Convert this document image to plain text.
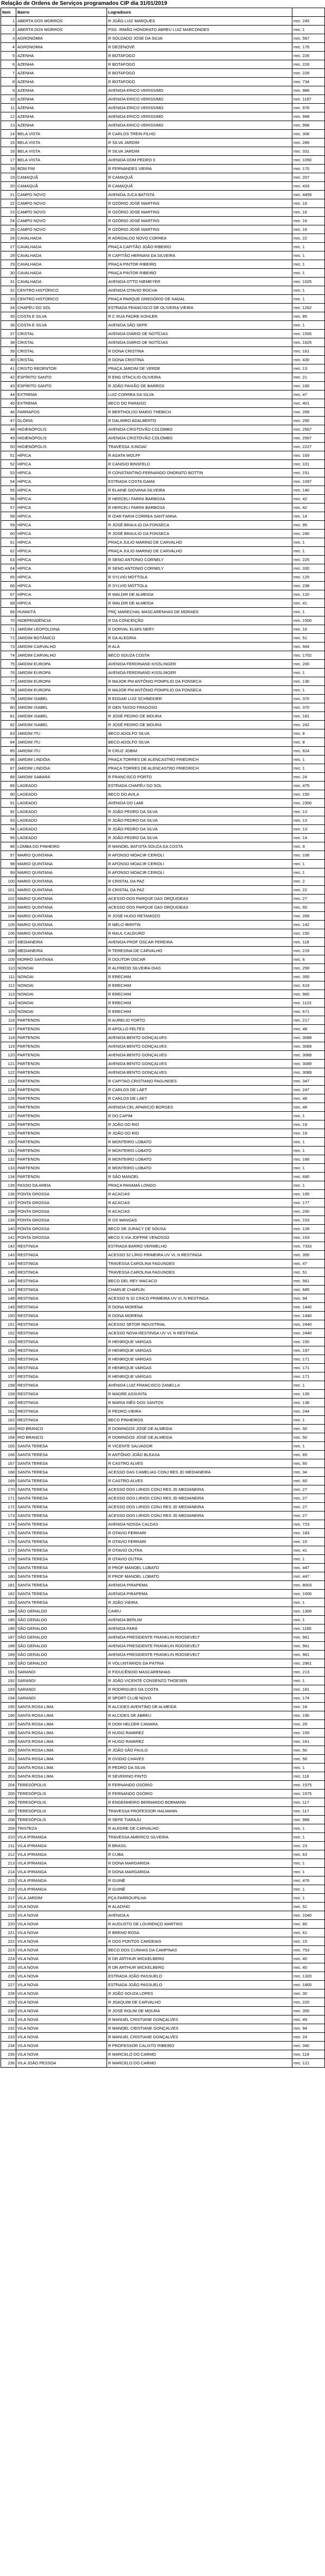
Relação de Ordens de Serviços programados CIP dia 31/01/2019
Item	Bairro	Logradouro	
1	ABERTA DOS MORROS	R JOÃO LUIZ MARQUES	mrc. 245
2	ABERTA DOS MORROS	PSG. IRMÃO HONORATO ABREU LUIZ MARCONDES	mrc. 1
3	AGRONOMIA	R SOLDADO JOSE DA SILVA	mrc. 567
4	AGRONOMIA	R DEZENOVE	mrc. 176
5	AZENHA	R BOTAFOGO	mrc. 226
6	AZENHA	R BOTAFOGO	mrc. 226
7	AZENHA	R BOTAFOGO	mrc. 226
8	AZENHA	R BOTAFOGO	mrc. 734
9	AZENHA	AVENIDA ERICO VERISSIMO	mrc. 986
10	AZENHA	AVENIDA ERICO VERISSIMO	mrc. 1167
11	AZENHA	AVENIDA ERICO VERISSIMO	mrc. 976
12	AZENHA	AVENIDA ERICO VERISSIMO	mrc. 998
13	AZENHA	AVENIDA ERICO VERISSIMO	mrc. 998
14	BELA VISTA	R CARLOS TREIN FILHO	mrc. 306
15	BELA VISTA	R SILVA JARDIM	mrc. 289
16	BELA VISTA	R SILVA JARDIM	mrc. 331
17	BELA VISTA	AVENIDA DOM PEDRO II	mrc. 1050
18	BOM FIM	R FERNANDES VIEIRA	mrc. 170
19	CAMAQUÃ	R CAMAQUÃ	mrc. 207
20	CAMAQUÃ	R CAMAQUÃ	mrc. 433
21	CAMPO NOVO	AVENIDA JUCA BATISTA	mrc. 4459
22	CAMPO NOVO	R OZÓRIO JOSÉ MARTINS	mrc. 16
23	CAMPO NOVO	R OZÓRIO JOSÉ MARTINS	mrc. 16
24	CAMPO NOVO	R OZÓRIO JOSÉ MARTINS	mrc. 16
25	CAMPO NOVO	R OZÓRIO JOSÉ MARTINS	mrc. 16
26	CAVALHADA	R ADROALDO NOVO CORREA	mrc. 22
27	CAVALHADA	PRAÇA CAPITÃO JOÃO RIBEIRO	mrc. 1
28	CAVALHADA	R CAPITÃO HERNANI DA SILVEIRA	mrc. 1
29	CAVALHADA	PRAÇA PINTOR RIBEIRO	mrc. 1
30	CAVALHADA	PRAÇA PINTOR RIBEIRO	mrc. 1
31	CAVALHADA	AVENIDA OTTO NIEMEYER	mrc. 1025
32	CENTRO HISTÓRICO	AVENIDA OTAVIO ROCHA	mrc. 1
33	CENTRO HISTÓRICO	PRAÇA PARQUE GREGÓRIO DE NADAL	mrc. 1
34	CHAPÉU DO SOL	ESTRADA FRANCISCO DE OLIVEIRA VIEIRA	mrc. 1262
35	COSTA E SILVA	R C RUA PADRE KOHLER	mrc. 85
36	COSTA E SILVA	AVENIDA SÃO SEPE	mrc. 1
37	CRISTAL	AVENIDA DIÁRIO DE NOTÍCIAS	mrc. 1555
38	CRISTAL	AVENIDA DIÁRIO DE NOTÍCIAS	mrc. 1625
39	CRISTAL	R DONA CRISTINA	mrc. 161
40	CRISTAL	R DONA CRISTINA	mrc. 430
41	CRISTO REDENTOR	PRAÇA JARDIM DE VERDE	mrc. 13
42	ESPÍRITO SANTO	R ENG OTACILIO OLIVEIRA	mrc. 21
43	ESPÍRITO SANTO	R JOÃO PAIXÃO DE BARROS	mrc. 160
44	EXTREMA	LUIZ CORREA DA SILVA	mrc. 47
45	EXTREMA	BECO DO PARAISO	mrc. 401
46	FARRAPOS	R BERTHOLDO MARIO THEBICH	mrc. 266
47	GLÓRIA	R DALMIRO ADALBERTO	mrc. 250
48	HIGIENÓPOLIS	AVENIDA CRISTOVÃO COLOMBO	mrc. 2567
49	HIGIENÓPOLIS	AVENIDA CRISTOVÃO COLOMBO	mrc. 2567
50	HIGIENÓPOLIS	TRAVESSA JUNDIAÍ	mrc. 2227
51	HÍPICA	R AGATA WOLFF	mrc. 169
52	HÍPICA	R CANISIO BINSFELD	mrc. 101
53	HÍPICA	R CONSTANTINO FERNANDO ONORATO BOTTIN	mrc. 151
54	HÍPICA	ESTRADA COSTA GAMA	mrc. 1097
55	HÍPICA	R ELAINE GIOVANA SILVEIRA	mrc. 140
56	HÍPICA	R HERCELI FARINI BARBOSA	mrc. 42
57	HÍPICA	R HERCELI FARINI BARBOSA	mrc. 42
58	HÍPICA	R IZAR FARIA CORREA SANT'ANNA	mrc. 14
59	HÍPICA	R JOSÉ BRAULIO DA FONSECA	mrc. 95
60	HÍPICA	R JOSÉ BRAULIO DA FONSECA	mrc. 240
61	HÍPICA	PRAÇA JULIO MARINO DE CARVALHO	mrc. 1
62	HÍPICA	PRAÇA JULIO MARINO DE CARVALHO	mrc. 1
63	HÍPICA	R SENO ANTONIO CORNELY	mrc. 225
64	HÍPICA	R SENO ANTONIO CORNELY	mrc. 330
65	HÍPICA	R SYLVIO MOTTOLA	mrc. 125
66	HÍPICA	R SYLVIO MOTTOLA	mrc. 238
67	HÍPICA	R WALDIR DE ALMEIDA	mrc. 120
68	HÍPICA	R WALDIR DE ALMEIDA	mrc. 41
69	HUMAITÁ	PRÇ MARECHAL MASCARENHAS DE MORAES	mrc. 1
70	INDEPENDÊNCIA	R DA CONCEIÇÃO	mrc. 1500
71	JARDIM LEOPOLDINA	R DORVAL ELMIS NERY	mrc. 16
72	JARDIM BOTÂNICO	R DA ALEGRIA	mrc. 51
73	JARDIM CARVALHO	R ALÁ	mrc. 564
74	JARDIM CARVALHO	BECO SOUZA COSTA	mrc. 1702
75	JARDIM EUROPA	AVENIDA FERDINAND KISSLINGER	mrc. 200
76	JARDIM EUROPA	AVENIDA FERDINAND KISSLINGER	mrc. 1
77	JARDIM EUROPA	R MAJOR PM ANTÔNIO POMPILIO DA FONSECA	mrc. 130
78	JARDIM EUROPA	R MAJOR PM ANTÔNIO POMPILIO DA FONSECA	mrc. 1
79	JARDIM ISABEL	R EDGAR LUIZ SCHNEIDER	mrc. 370
80	JARDIM ISABEL	R GEN TASSO FRAGOSO	mrc. 370
81	JARDIM ISABEL	R JOSÉ PEDRO DE MOURA	mrc. 181
82	JARDIM ISABEL	R JOSÉ PEDRO DE MOURA	mrc. 242
83	JARDIM ITU	BECO ADOLFO SILVA	mrc. 8
84	JARDIM ITU	BECO ADOLFO SILVA	mrc. 8
85	JARDIM ITU	R CRUZ JOBIM	mrc. 624
86	JARDIM LINDÓIA	PRAÇA TORRES DE ALENCASTRO FRIEDRICH	mrc. 1
87	JARDIM LINDÓIA	PRAÇA TORRES DE ALENCASTRO FRIEDRICH	mrc. 1
88	JARDIM SABARÁ	R FRANCISCO PORTO	mrc. 24
89	LAGEADO	ESTRADA CHAPÉU DO SOL	mrc. 475
90	LAGEADO	BECO DO AVILA	mrc. 150
91	LAGEADO	AVENIDA DO LAMI	mrc. 2300
92	LAGEADO	R JOÃO PEDRO DA SILVA	mrc. 13
93	LAGEADO	R JOÃO PEDRO DA SILVA	mrc. 13
94	LAGEADO	R JOÃO PEDRO DA SILVA	mrc. 13
95	LAGEADO	R JOÃO PEDRO DA SILVA	mrc. 14
96	LOMBA DO PINHEIRO	R MANOEL BATISTA SOUZA DA COSTA	mrc. 9
97	MARIO QUINTANA	R AFONSO MOACIR CERIOLI	mrc. 106
98	MARIO QUINTANA	R AFONSO MOACIR CERIOLI	mrc. 1
99	MARIO QUINTANA	R AFONSO MOACIR CERIOLI	mrc. 1
100	MARIO QUINTANA	R CRISTAL DA PAZ	mrc. 2
101	MARIO QUINTANA	R CRISTAL DA PAZ	mrc. 22
102	MARIO QUINTANA	ACESSO DOS PARQUE DAS ORQUIDEAS	mrc. 27
103	MARIO QUINTANA	ACESSO DOS PARQUE DAS ORQUIDEAS	mrc. 60
104	MARIO QUINTANA	R JOSÉ HUGO RETAMOZO	mrc. 266
105	MARIO QUINTANA	R MELO IBIRITIN	mrc. 142
106	MARIO QUINTANA	R RAUL CAUDURO	mrc. 150
107	MEDIANEIRA	AVENIDA PROF OSCAR PEREIRA	mrc. 118
108	MEDIANEIRA	R TERESINA DE CARVALHO	mrc. 219
109	MORRO SANTANA	R DOUTOR OSCAR	mrc. 6
110	NONOAI	R ALFREDO SILVEIRA DIAS	mrc. 256
111	NONOAI	R ERECHIM	mrc. 350
112	NONOAI	R ERECHIM	mrc. 619
113	NONOAI	R ERECHIM	mrc. 960
114	NONOAI	R ERECHIM	mrc. 1123
115	NONOAI	R ERECHIM	mrc. 671
116	PARTENON	R AURELIO FORTO	mrc. 217
117	PARTENON	R APOLLO FELTES	mrc. 48
118	PARTENON	AVENIDA BENTO GONÇALVES	mrc. 3089
119	PARTENON	AVENIDA BENTO GONÇALVES	mrc. 3089
120	PARTENON	AVENIDA BENTO GONÇALVES	mrc. 3089
121	PARTENON	AVENIDA BENTO GONÇALVES	mrc. 3089
122	PARTENON	AVENIDA BENTO GONÇALVES	mrc. 3089
123	PARTENON	R CAPITAO CRISTIANO FAGUNDES	mrc. 347
124	PARTENON	R CARLOS DE LAET	mrc. 247
125	PARTENON	R CARLOS DE LAET	mrc. 48
126	PARTENON	AVENIDA CEL APARICIO BORGES	mrc. 48
127	PARTENON	R DO CAPIM	mrc. 1
128	PARTENON	R JOÃO DO RIO	mrc. 19
129	PARTENON	R JOÃO DO RIO	mrc. 19
130	PARTENON	R MONTEIRO LOBATO	mrc. 1
131	PARTENON	R MONTEIRO LOBATO	mrc. 1
132	PARTENON	R MONTEIRO LOBATO	mrc. 166
133	PARTENON	R MONTEIRO LOBATO	mrc. 1
134	PARTENON	R SÃO MANOEL	mrc. 690
135	PASSO DA AREIA	PRAÇA PANAMÁ LONGO	mrc. 1
136	PONTA GROSSA	R ACACIAS	mrc. 195
137	PONTA GROSSA	R ACACIAS	mrc. 177
138	PONTA GROSSA	R ACACIAS	mrc. 200
139	PONTA GROSSA	R OS MANGAS	mrc. 153
140	PONTA GROSSA	BECO SR JURACY DE SOUSA	mrc. 128
141	PONTA GROSSA	BECO S VIA JOFFRE VENOSSO	mrc. 103
142	RESTINGA	ESTRADA BARRO VERMELHO	mrc. 7333
143	RESTINGA	ACESSO 52 LÍRIO PRIMEIRA UV VL N RESTINGA	mrc. 355
144	RESTINGA	TRAVESSA CAROLINA FAGUNDES	mrc. 47
145	RESTINGA	TRAVESSA CAROLINA FAGUNDES	mrc. 51
146	RESTINGA	BECO DEL REY MACACO	mrc. 561
147	RESTINGA	CHARLIE CHAPLIN	mrc. 685
148	RESTINGA	ACESSO N 32 CINCO PRIMEIRA UV VL N RESTINGA	mrc. 94
149	RESTINGA	R DONA MORENA	mrc. 1440
150	RESTINGA	R DONA MORENA	mrc. 1440
151	RESTINGA	ACESSO SETOR INDUSTRIAL	mrc. 2440
152	RESTINGA	ACESSO NOVA RESTINGA UV VL N RESTINGA	mrc. 2440
153	RESTINGA	R HENRIQUE VARGAS	mrc. 150
154	RESTINGA	R HENRIQUE VARGAS	mrc. 197
155	RESTINGA	R HENRIQUE VARGAS	mrc. 171
156	RESTINGA	R HENRIQUE VARGAS	mrc. 171
157	RESTINGA	R HENRIQUE VARGAS	mrc. 171
158	RESTINGA	AVENIDA LUIZ FRANCISCO ZANELLA	mrc. 1
159	RESTINGA	R MADRE ASSUNTA	mrc. 135
160	RESTINGA	R MARIA INÊS DOS SANTOS	mrc. 136
161	RESTINGA	R PEDRO VIEIRA	mrc. 244
162	RESTINGA	BECO PINHEIROS	mrc. 1
163	RIO BRANCO	R DOMINGOS JOSÉ DE ALMEIDA	mrc. 50
164	RIO BRANCO	R DOMINGOS JOSÉ DE ALMEIDA	mrc. 50
165	SANTA TERESA	R VICENTE SALVADOR	mrc. 1
166	SANTA TERESA	R ANTÔNIO JOÃO BLEASA	mrc. 65
167	SANTA TERESA	R CASTRO ALVES	mrc. 60
168	SANTA TERESA	ACESSO DAS CAMELIAS CONJ RES JD MEDIANEIRA	mrc. 34
169	SANTA TERESA	R CASTRO ALVES	mrc. 60
170	SANTA TERESA	ACESSO DOS LIRIOS CONJ RES JD MEDIANEIRA	mrc. 27
171	SANTA TERESA	ACESSO DOS LIRIOS CONJ RES JD MEDIANEIRA	mrc. 27
172	SANTA TERESA	ACESSO DOS LIRIOS CONJ RES JD MEDIANEIRA	mrc. 27
173	SANTA TERESA	ACESSO DOS LIRIOS CONJ RES JD MEDIANEIRA	mrc. 27
174	SANTA TERESA	AVENIDA NOSSA CALDAS	mrc. 723
175	SANTA TERESA	R OTAVIO FERRARI	mrc. 183
176	SANTA TERESA	R OTAVIO FERRARI	mrc. 15
177	SANTA TERESA	R OTAVIO OUTRA	mrc. 41
178	SANTA TERESA	R OTAVIO OUTRA	mrc. 1
179	SANTA TERESA	R PROF MANOEL LOBATO	mrc. 447
180	SANTA TERESA	R PROF MANOEL LOBATO	mrc. 447
181	SANTA TERESA	AVENIDA PIRAPEMA	mrc. 8003
182	SANTA TERESA	AVENIDA PIRAPEMA	mrc. 1000
183	SANTA TERESA	R JOÃO VIEIRA	mrc. 1
184	SÃO GERALDO	CAIRU	mrc. 1300
185	SÃO GERALDO	AVENIDA BERLIM	mrc. 1
186	SÃO GERALDO	AVENIDA PARÁ	mrc. 1165
187	SÃO GERALDO	AVENIDA PRESIDENTE FRANKLIN ROOSEVELT	mrc. 961
188	SÃO GERALDO	AVENIDA PRESIDENTE FRANKLIN ROOSEVELT	mrc. 961
189	SÃO GERALDO	AVENIDA PRESIDENTE FRANKLIN ROOSEVELT	mrc. 961
190	SÃO GERALDO	R VOLUNTÁRIOS DA PÁTRIA	mrc. 2961
191	SARANDI	R FIDUCÊNDIO MASCARENHAS	mrc. 213
192	SARANDI	R JOÃO VICENTE CONSENZO THOESEN	mrc. 1
193	SARANDI	R RODRIGUES DA COSTA	mrc. 181
194	SARANDI	R SPORT CLUB NOVO	mrc. 174
195	SANTA ROSA LIMA	R ALCIDES AVENTINO DE ALMEIDA	mrc. 18
196	SANTA ROSA LIMA	R ALCIDES DE ABREU	mrc. 190
197	SANTA ROSA LIMA	R DOM HELDER CAMARA	mrc. 29
198	SANTA ROSA LIMA	R HUGO RAMIREZ	mrc. 155
199	SANTA ROSA LIMA	R HUGO RAMIREZ	mrc. 161
200	SANTA ROSA LIMA	R JOÃO SÃO PAULO	mrc. 50
201	SANTA ROSA LIMA	R OVIDIO CHAVES	mrc. 56
202	SANTA ROSA LIMA	R PEDRO DA SILVA	mrc. 1
203	SANTA ROSA LIMA	R SEVERINO PINTO	mrc. 116
204	TERESÓPOLIS	R FERNANDO OSÓRIO	mrc. 1575
205	TERESÓPOLIS	R FERNANDO OSÓRIO	mrc. 1575
206	TERESÓPOLIS	R ENGENHEIRO BERNARDO BORMANN	mrc. 117
207	TERESÓPOLIS	TRAVESSA PROFESSOR HALMANN	mrc. 117
208	TERESÓPOLIS	R SEPE TIARAJU	mrc. 988
209	TRISTEZA	R ALEGRE DE CARVALHO	mrc. 1
210	VILA IPIRANGA	TRAVESSA AMERICO SILVEIRA	mrc. 1
211	VILA IPIRANGA	R BRASIL	mrc. 23
212	VILA IPIRANGA	R CUBA	mrc. 63
213	VILA IPIRANGA	R DONA MARGARIDA	mrc. 1
214	VILA IPIRANGA	R DONA MARGARIDA	mrc. 1
215	VILA IPIRANGA	R GUINÉ	mrc. 476
216	VILA IPIRANGA	R GUINÉ	mrc. 1
217	VILA JARDIM	PÇA FARROUPILHA	mrc. 1
218	VILA NOVA	R ALADINO	mrc. 52
219	VILA NOVA	AVENIDA A	mrc. 1040
220	VILA NOVA	R AUGUSTO DE LOURENÇO MARTINS	mrc. 80
221	VILA NOVA	R BRENO ROSA	mrc. 61
222	VILA NOVA	R DOS PONTOS CARDEAIS	mrc. 15
223	VILA NOVA	BECO DOS CUNHAS DA CAMPINAS	mrc. 753
224	VILA NOVA	R DR ARTHUR WICKELBERG	mrc. 40
225	VILA NOVA	R DR ARTHUR WICKELBERG	mrc. 40
226	VILA NOVA	ESTRADA JOÃO PASSUELO	mrc. 1320
227	VILA NOVA	ESTRADA JOÃO PASSUELO	mrc. 1800
228	VILA NOVA	R JOÃO SOUZA LOPES	mrc. 30
229	VILA NOVA	R JOAQUIM DE CARVALHO	mrc. 220
230	VILA NOVA	R JOSÉ ROLIM DE MOURA	mrc. 350
231	VILA NOVA	R MANUEL CRISTIANE GONÇALVES	mrc. 49
232	VILA NOVA	R MANOEL CRISTIANE GONÇALVES	mrc. 94
233	VILA NOVA	R MANUEL CRISTIANE GONÇALVES	mrc. 24
234	VILA NOVA	R PROFESSOR CALIXTO RIBEIRO	mrc. 340
235	VILA NOVA	R MARCELO DO CARMO	mrc. 119
236	VILA JOÃO PESSOA	R MARCELO DO CARMO	mrc. 121
